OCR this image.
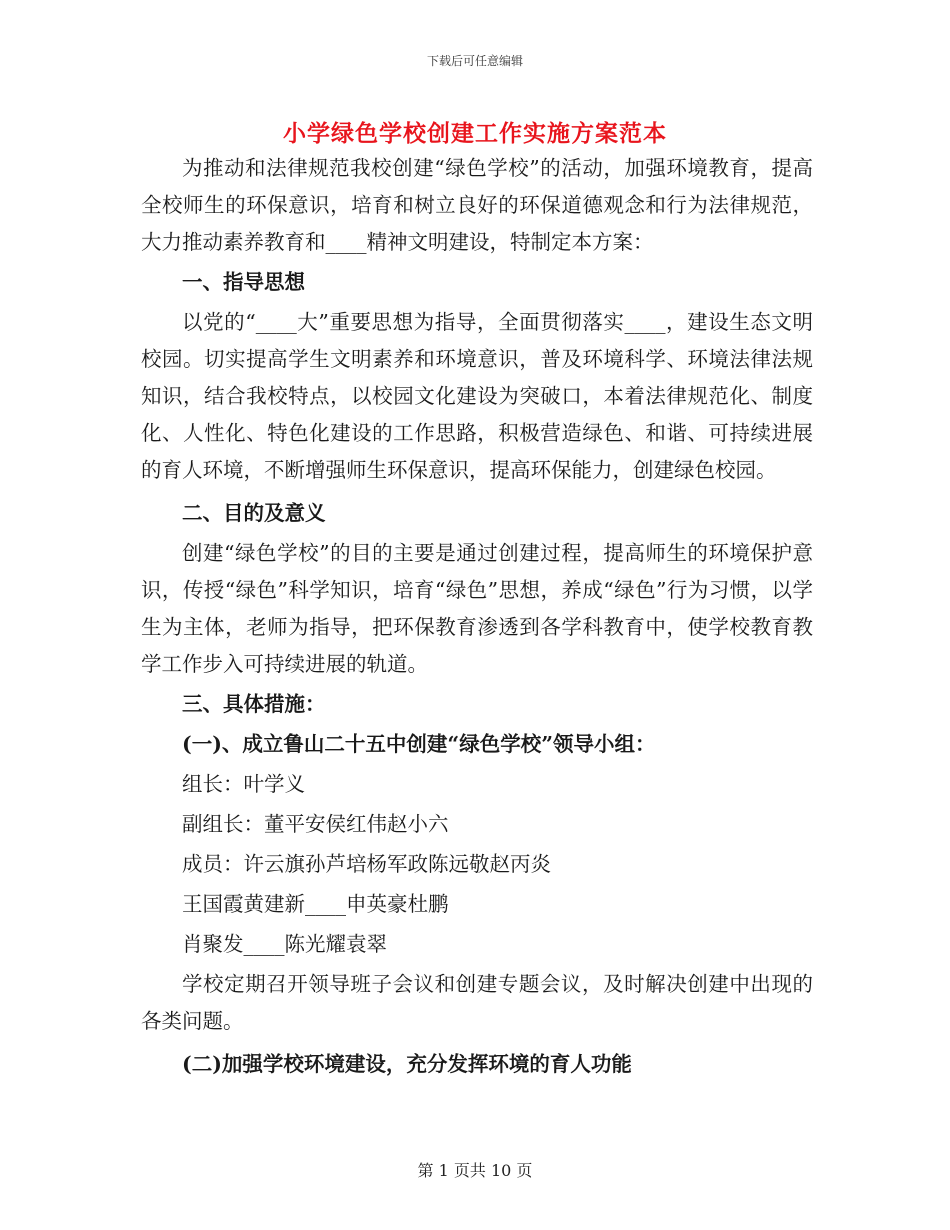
下载后可任意编辑
小学绿色学校创建工作实施方案范本

为推动和法律规范我校创建“绿色学校”的活动，加强环境教育，提高全校师生的环保意识，培育和树立良好的环保道德观念和行为法律规范，大力推动素养教育和____精神文明建设，特制定本方案：

一、指导思想

以党的“____大”重要思想为指导，全面贯彻落实____，建设生态文明校园。切实提高学生文明素养和环境意识，普及环境科学、环境法律法规知识，结合我校特点，以校园文化建设为突破口，本着法律规范化、制度化、人性化、特色化建设的工作思路，积极营造绿色、和谐、可持续进展的育人环境，不断增强师生环保意识，提高环保能力，创建绿色校园。

二、目的及意义

创建“绿色学校”的目的主要是通过创建过程，提高师生的环境保护意识，传授“绿色”科学知识，培育“绿色”思想，养成“绿色”行为习惯，以学生为主体，老师为指导，把环保教育渗透到各学科教育中，使学校教育教学工作步入可持续进展的轨道。

三、具体措施：

(一)、成立鲁山二十五中创建“绿色学校”领导小组：

组长：叶学义

副组长：董平安侯红伟赵小六

成员：许云旗孙芦培杨军政陈远敬赵丙炎

王国霞黄建新____申英豪杜鹏

肖聚发____陈光耀袁翠

学校定期召开领导班子会议和创建专题会议，及时解决创建中出现的各类问题。

(二)加强学校环境建设，充分发挥环境的育人功能

第 1 页共 10 页
